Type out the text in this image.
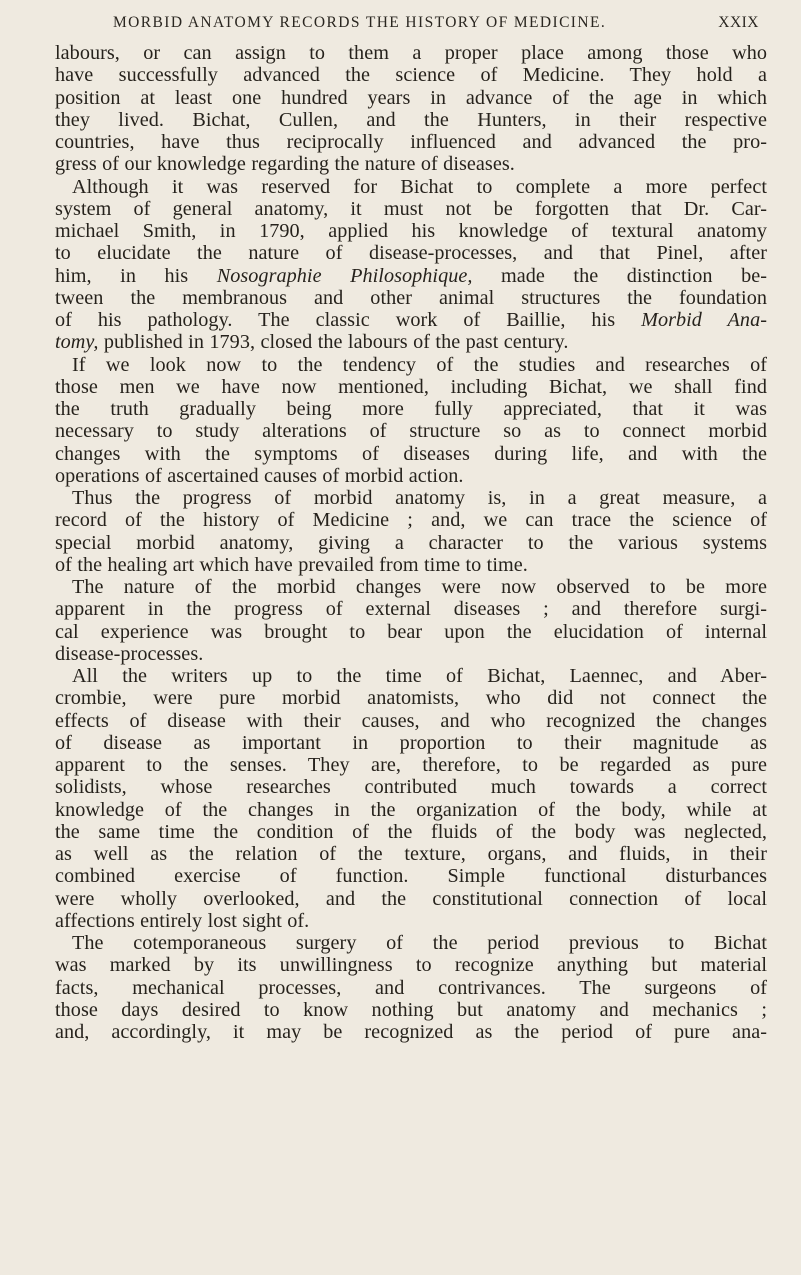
MORBID ANATOMY RECORDS THE HISTORY OF MEDICINE.	XXIX
labours, or can assign to them a proper place among those who
have successfully advanced the science of Medicine. They hold a
position at least one hundred years in advance of the age in which
they lived. Bichat, Cullen, and the Hunters, in their respective
countries, have thus reciprocally influenced and advanced the pro-
gress of our knowledge regarding the nature of diseases.
Although it was reserved for Bichat to complete a more perfect
system of general anatomy, it must not be forgotten that Dr. Car-
michael Smith, in 1790, applied his knowledge of textural anatomy
to elucidate the nature of disease-processes, and that Pinel, after
him, in his Nosographie Philosophique, made the distinction be-
tween the membranous and other animal structures the foundation
of his pathology. The classic work of Baillie, his Morbid Ana-
tomy, published in 1793, closed the labours of the past century.
If we look now to the tendency of the studies and researches of
those men we have now mentioned, including Bichat, we shall find
the truth gradually being more fully appreciated, that it was
necessary to study alterations of structure so as to connect morbid
changes with the symptoms of diseases during life, and with the
operations of ascertained causes of morbid action.
Thus the progress of morbid anatomy is, in a great measure, a
record of the history of Medicine ; and, we can trace the science of
special morbid anatomy, giving a character to the various systems
of the healing art which have prevailed from time to time.
The nature of the morbid changes were now observed to be more
apparent in the progress of external diseases ; and therefore surgi-
cal experience was brought to bear upon the elucidation of internal
disease-processes.
All the writers up to the time of Bichat, Laennec, and Aber-
crombie, were pure morbid anatomists, who did not connect the
effects of disease with their causes, and who recognized the changes
of disease as important in proportion to their magnitude as
apparent to the senses. They are, therefore, to be regarded as pure
solidists, whose researches contributed much towards a correct
knowledge of the changes in the organization of the body, while at
the same time the condition of the fluids of the body was neglected,
as well as the relation of the texture, organs, and fluids, in their
combined exercise of function. Simple functional disturbances
were wholly overlooked, and the constitutional connection of local
affections entirely lost sight of.
The cotemporaneous surgery of the period previous to Bichat
was marked by its unwillingness to recognize anything but material
facts, mechanical processes, and contrivances. The surgeons of
those days desired to know nothing but anatomy and mechanics ;
and, accordingly, it may be recognized as the period of pure ana-
